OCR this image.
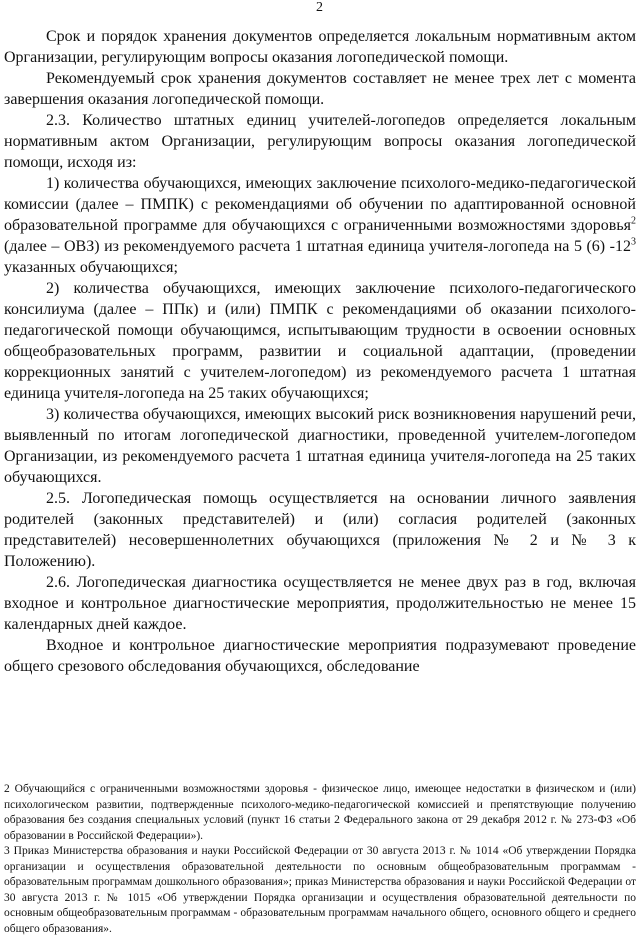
2

Срок и порядок хранения документов определяется локальным нормативным актом Организации, регулирующим вопросы оказания логопедической помощи.

Рекомендуемый срок хранения документов составляет не менее трех лет с момента завершения оказания логопедической помощи.

2.3. Количество штатных единиц учителей-логопедов определяется локальным нормативным актом Организации, регулирующим вопросы оказания логопедической помощи, исходя из:

1) количества обучающихся, имеющих заключение психолого-медико-педагогической комиссии (далее – ПМПК) с рекомендациями об обучении по адаптированной основной образовательной программе для обучающихся с ограниченными возможностями здоровья$^2$ (далее – ОВЗ) из рекомендуемого расчета 1 штатная единица учителя-логопеда на 5 (6) $-12^3$ указанных обучающихся;

2) количества обучающихся, имеющих заключение психолого-педагогического консилиума (далее – ППк) и (или) ПМПК с рекомендациями об оказании психолого-педагогической помощи обучающимся, испытывающим трудности в освоении основных общеобразовательных программ, развитии и социальной адаптации, (проведении коррекционных занятий с учителем-логопедом) из рекомендуемого расчета 1 штатная единица учителя-логопеда на 25 таких обучающихся;

3) количества обучающихся, имеющих высокий риск возникновения нарушений речи, выявленный по итогам логопедической диагностики, проведенной учителем-логопедом Организации, из рекомендуемого расчета 1 штатная единица учителя-логопеда на 25 таких обучающихся.

2.5. Логопедическая помощь осуществляется на основании личного заявления родителей (законных представителей) и (или) согласия родителей (законных представителей) несовершеннолетних обучающихся (приложения № 2 и № 3 к Положению).

2.6. Логопедическая диагностика осуществляется не менее двух раз в год, включая входное и контрольное диагностические мероприятия, продолжительностью не менее 15 календарных дней каждое.

Входное и контрольное диагностические мероприятия подразумевают проведение общего срезового обследования обучающихся, обследование

2 Обучающийся с ограниченными возможностями здоровья - физическое лицо, имеющее недостатки в физическом и (или) психологическом развитии, подтвержденные психолого-медико-педагогической комиссией и препятствующие получению образования без создания специальных условий (пункт 16 статьи 2 Федерального закона от 29 декабря 2012 г. № 273-ФЗ «Об образовании в Российской Федерации»).

3 Приказ Министерства образования и науки Российской Федерации от 30 августа 2013 г. № 1014 «Об утверждении Порядка организации и осуществления образовательной деятельности по основным общеобразовательным программам - образовательным программам дошкольного образования»; приказ Министерства образования и науки Российской Федерации от 30 августа 2013 г. № 1015 «Об утверждении Порядка организации и осуществления образовательной деятельности по основным общеобразовательным программам - образовательным программам начального общего, основного общего и среднего общего образования».
